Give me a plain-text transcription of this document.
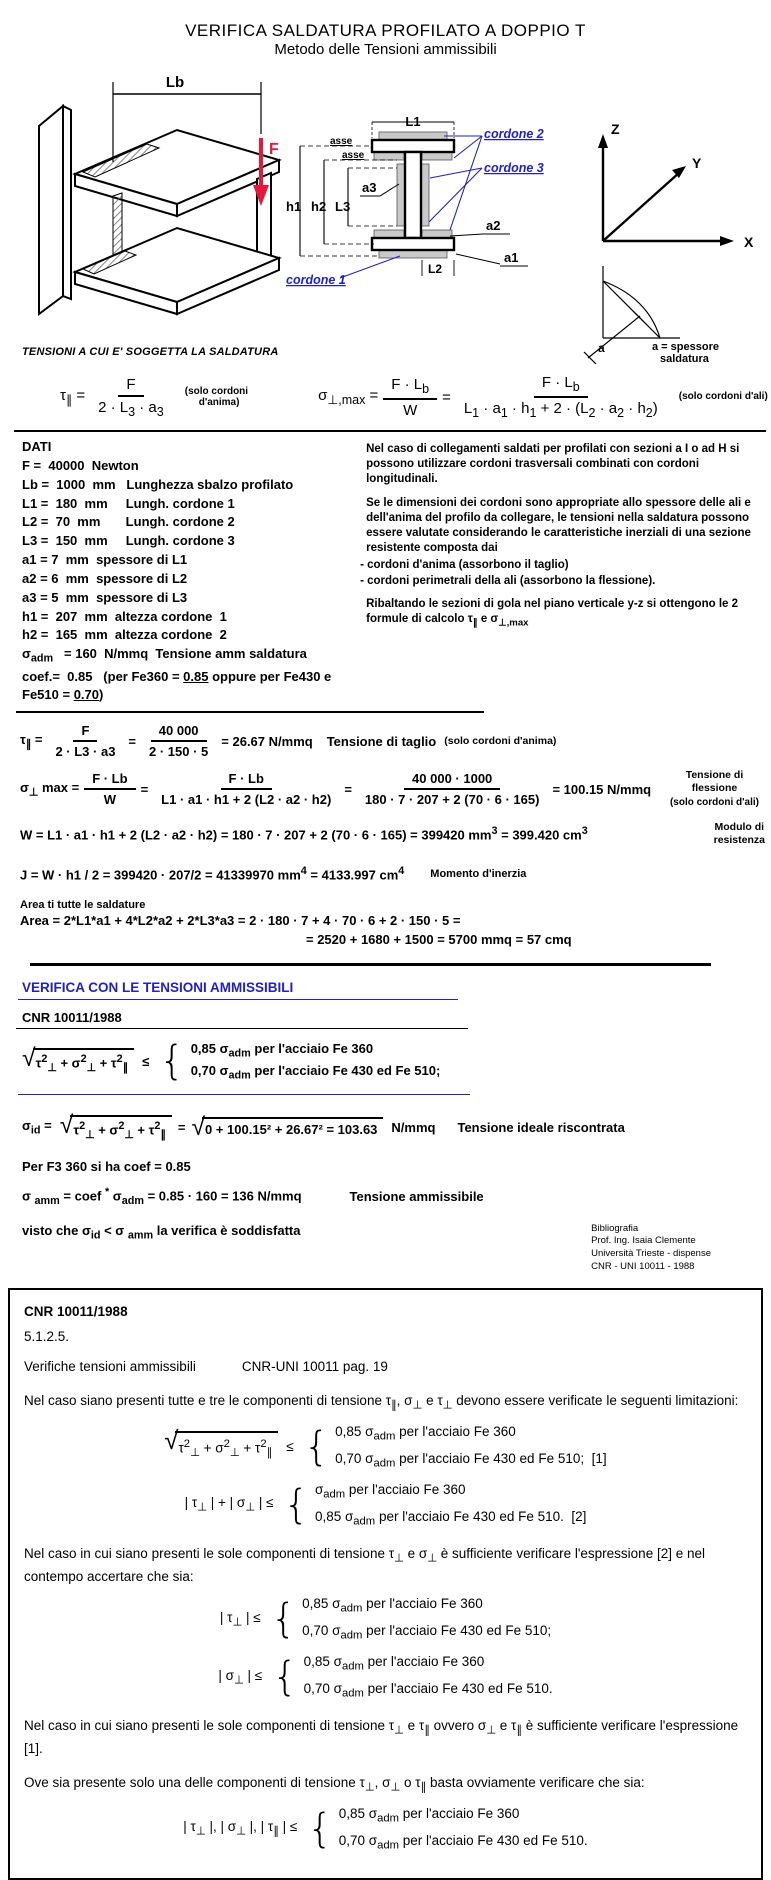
VERIFICA SALDATURA PROFILATO A DOPPIO T
Metodo delle Tensioni ammissibili
Lb
F
L1
asse
asse
h1 h2 L3
a3
a2
a1
L2
cordone 2
cordone 3
cordone 1
Z
X
Y
a	a = spessore
saldatura
TENSIONI A CUI E' SOGGETTA LA SALDATURA
$\tau_\parallel = \frac{F}{2 \cdot L_3 \cdot a_3}$ (solo cordoni
d'anima)	$\sigma_{\perp,max} = \frac{F \cdot L_b}{W} = \frac{F \cdot L_b}{L_1 \cdot a_1 \cdot h_1 + 2 \cdot (L_2 \cdot a_2 \cdot h_2)}$ (solo cordoni d'ali)
DATI
F =  40000  Newton
Lb =  1000  mm   Lunghezza sbalzo profilato
L1 =  180  mm     Lungh. cordone 1
L2 =  70  mm       Lungh. cordone 2
L3 =  150  mm     Lungh. cordone 3
a1 = 7  mm  spessore di L1
a2 = 6  mm  spessore di L2
a3 = 5  mm  spessore di L3
h1 =  207  mm  altezza cordone  1
h2 =  165  mm  altezza cordone  2
$\sigma_{adm} = 160$  N/mmq  Tensione amm saldatura
coef.=  0.85   (per Fe360 = 0.85 oppure per Fe430 e Fe510 = 0.70)

Nel caso di collegamenti saldati per profilati con sezioni a I o ad H si possono utilizzare cordoni trasversali combinati con cordoni longitudinali.

Se le dimensioni dei cordoni sono appropriate allo spessore delle ali e dell'anima del profilo da collegare, le tensioni nella saldatura possono essere valutate considerando le caratteristiche inerziali di una sezione resistente composta dai

- cordoni d'anima (assorbono il taglio)
- cordoni perimetrali della ali (assorbono la flessione).

Ribaltando le sezioni di gola nel piano verticale y-z si ottengono le 2 formule di calcolo $\tau_\parallel$ e $\sigma_{\perp,max}$

$\tau_\parallel = \frac{F}{2 \cdot L3 \cdot a3} = \frac{40 000}{2 \cdot 150 \cdot 5} = 26.67$ N/mmq Tensione di taglio (solo cordoni d'anima)
$\sigma_\perp$ $\max = \frac{F \cdot Lb}{W} = \frac{F \cdot Lb}{L1 \cdot a1 \cdot h1 + 2 (L2 \cdot a2 \cdot h2)} = \frac{40 000 \cdot 1000}{180 \cdot 7 \cdot 207 + 2 (70 \cdot 6 \cdot 165)} = 100.15$ N/mmq
Tensione di
flessione
(solo cordoni d'ali)
W = L1 · a1 · h1 + 2 (L2 · a2 · h2) = 180 · 7 · 207 + 2 (70 · 6 · 165) = 399420 $mm^3 = 399.420$ $cm^3$	Modulo di
resistenza
J = W · h1 / 2 = 399420 · 207/2 = 41339970 $mm^4 = 4133.997$ $cm^4$ Momento d'inerzia
Area ti tutte le saldature
Area = 2*L1*a1 + 4*L2*a2 + 2*L3*a3 = 2 · 180 · 7 + 4 · 70 · 6 + 2 · 150 · 5 =
= 2520 + 1680 + 1500 = 5700 mmq = 57 cmq
VERIFICA CON LE TENSIONI AMMISSIBILI
CNR 10011/1988
√ $\tau^2_\perp + \sigma^2_\perp + \tau^2_\parallel$	≤ { 0,85 $\sigma_{adm}$ per l'acciaio Fe 360
0,70 $\sigma_{adm}$ per l'acciaio Fe 430 ed Fe 510;
$\sigma_{id}$ = √ $\tau^2_\perp + \sigma^2_\perp + \tau^2_\parallel$ = √ 0 + 100.15² + 26.67² = 103.63	N/mmq Tensione ideale riscontrata
Per F3 360 si ha coef = 0.85
σ $_{amm}$ = coef * $\sigma_{adm} = 0.85 \cdot 160 = 136$ N/mmq	Tensione ammissibile
visto che $\sigma_{id} < \sigma$ $_{amm}$ la verifica è soddisfatta	Bibliografia
Prof. Ing. Isaia Clemente
Università Trieste - dispense
CNR - UNI 10011 - 1988
CNR 10011/1988
5.1.2.5.
Verifiche tensioni ammissibili	CNR-UNI 10011 pag. 19

Nel caso siano presenti tutte e tre le componenti di tensione $\tau_\parallel$, $\sigma_\perp$ e $\tau_\perp$ devono essere verificate le seguenti limitazioni:

√ $\tau^2_\perp + \sigma^2_\perp + \tau^2_\parallel$	≤ { 0,85 $\sigma_{adm}$ per l'acciaio Fe 360
0,70 $\sigma_{adm}$ per l'acciaio Fe 430 ed Fe 510;  [1]
| $\tau_\perp$ | + | $\sigma_\perp$ | ≤ { $\sigma_{adm}$ per l'acciaio Fe 360
0,85 $\sigma_{adm}$ per l'acciaio Fe 430 ed Fe 510.  [2]

Nel caso in cui siano presenti le sole componenti di tensione $\tau_\perp$ e $\sigma_\perp$ è sufficiente verificare l'espressione [2] e nel contempo accertare che sia:

| $\tau_\perp$ | ≤ { 0,85 $\sigma_{adm}$ per l'acciaio Fe 360
0,70 $\sigma_{adm}$ per l'acciaio Fe 430 ed Fe 510;
| $\sigma_\perp$ | ≤ { 0,85 $\sigma_{adm}$ per l'acciaio Fe 360
0,70 $\sigma_{adm}$ per l'acciaio Fe 430 ed Fe 510.

Nel caso in cui siano presenti le sole componenti di tensione $\tau_\perp$ e $\tau_\parallel$ ovvero $\sigma_\perp$ e $\tau_\parallel$ è sufficiente verificare l'espressione [1].

Ove sia presente solo una delle componenti di tensione $\tau_\perp$, $\sigma_\perp$ o $\tau_\parallel$ basta ovviamente verificare che sia:

| $\tau_\perp$ |, | $\sigma_\perp$ |, | $\tau_\parallel$ | ≤ { 0,85 $\sigma_{adm}$ per l'acciaio Fe 360
0,70 $\sigma_{adm}$ per l'acciaio Fe 430 ed Fe 510.
